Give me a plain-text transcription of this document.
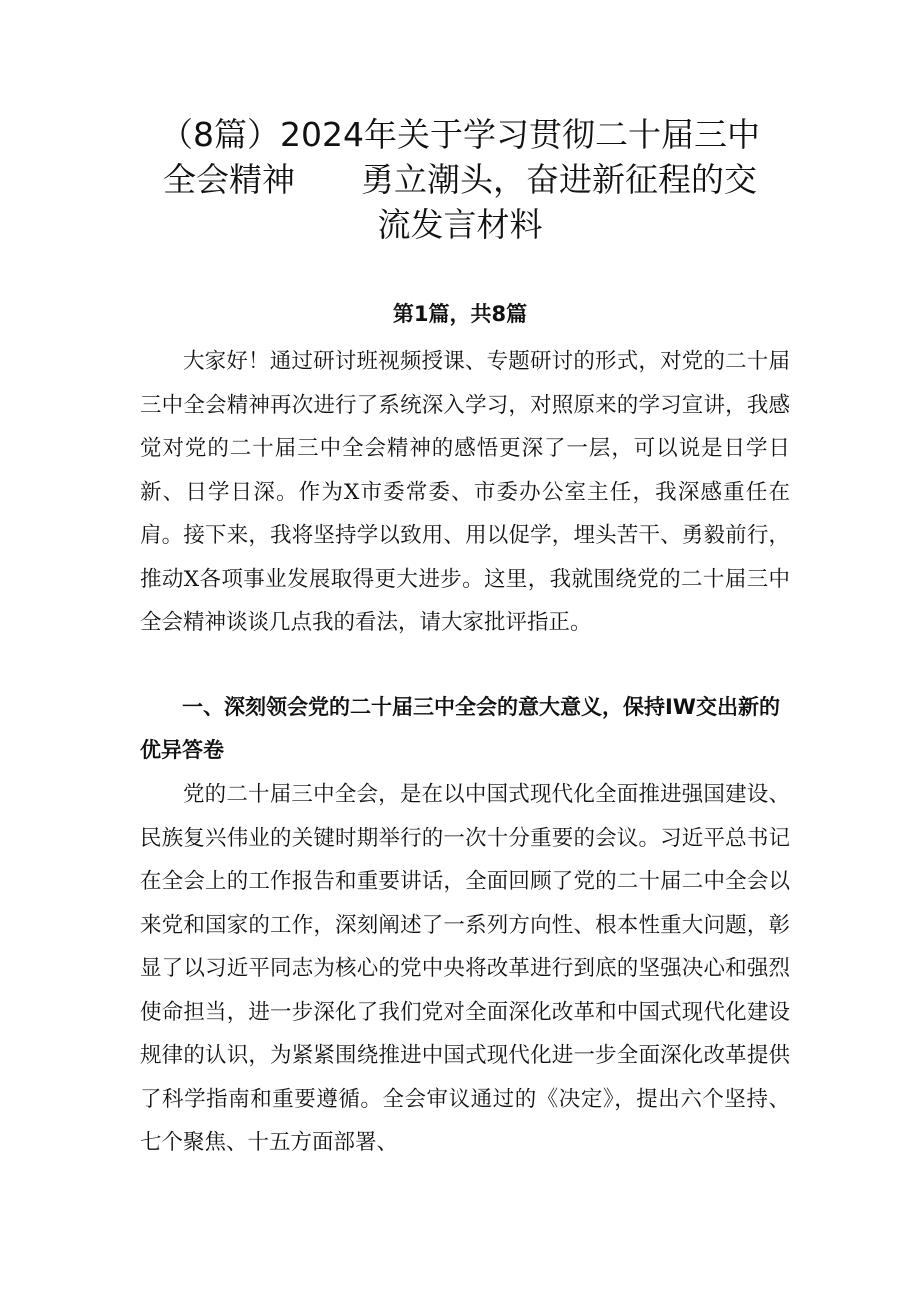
（8篇）2024年关于学习贯彻二十届三中
全会精神　　勇立潮头，奋进新征程的交
流发言材料
第1篇，共8篇

大家好！通过研讨班视频授课、专题研讨的形式，对党的二十届三中全会精神再次进行了系统深入学习，对照原来的学习宣讲，我感觉对党的二十届三中全会精神的感悟更深了一层，可以说是日学日新、日学日深。作为X市委常委、市委办公室主任，我深感重任在肩。接下来，我将坚持学以致用、用以促学，埋头苦干、勇毅前行，推动X各项事业发展取得更大进步。这里，我就围绕党的二十届三中全会精神谈谈几点我的看法，请大家批评指正。

一、深刻领会党的二十届三中全会的意大意义，保持IW交出新的优异答卷

党的二十届三中全会，是在以中国式现代化全面推进强国建设、民族复兴伟业的关键时期举行的一次十分重要的会议。习近平总书记在全会上的工作报告和重要讲话，全面回顾了党的二十届二中全会以来党和国家的工作，深刻阐述了一系列方向性、根本性重大问题，彰显了以习近平同志为核心的党中央将改革进行到底的坚强决心和强烈使命担当，进一步深化了我们党对全面深化改革和中国式现代化建设规律的认识，为紧紧围绕推进中国式现代化进一步全面深化改革提供了科学指南和重要遵循。全会审议通过的《决定》，提出六个坚持、七个聚焦、十五方面部署、
